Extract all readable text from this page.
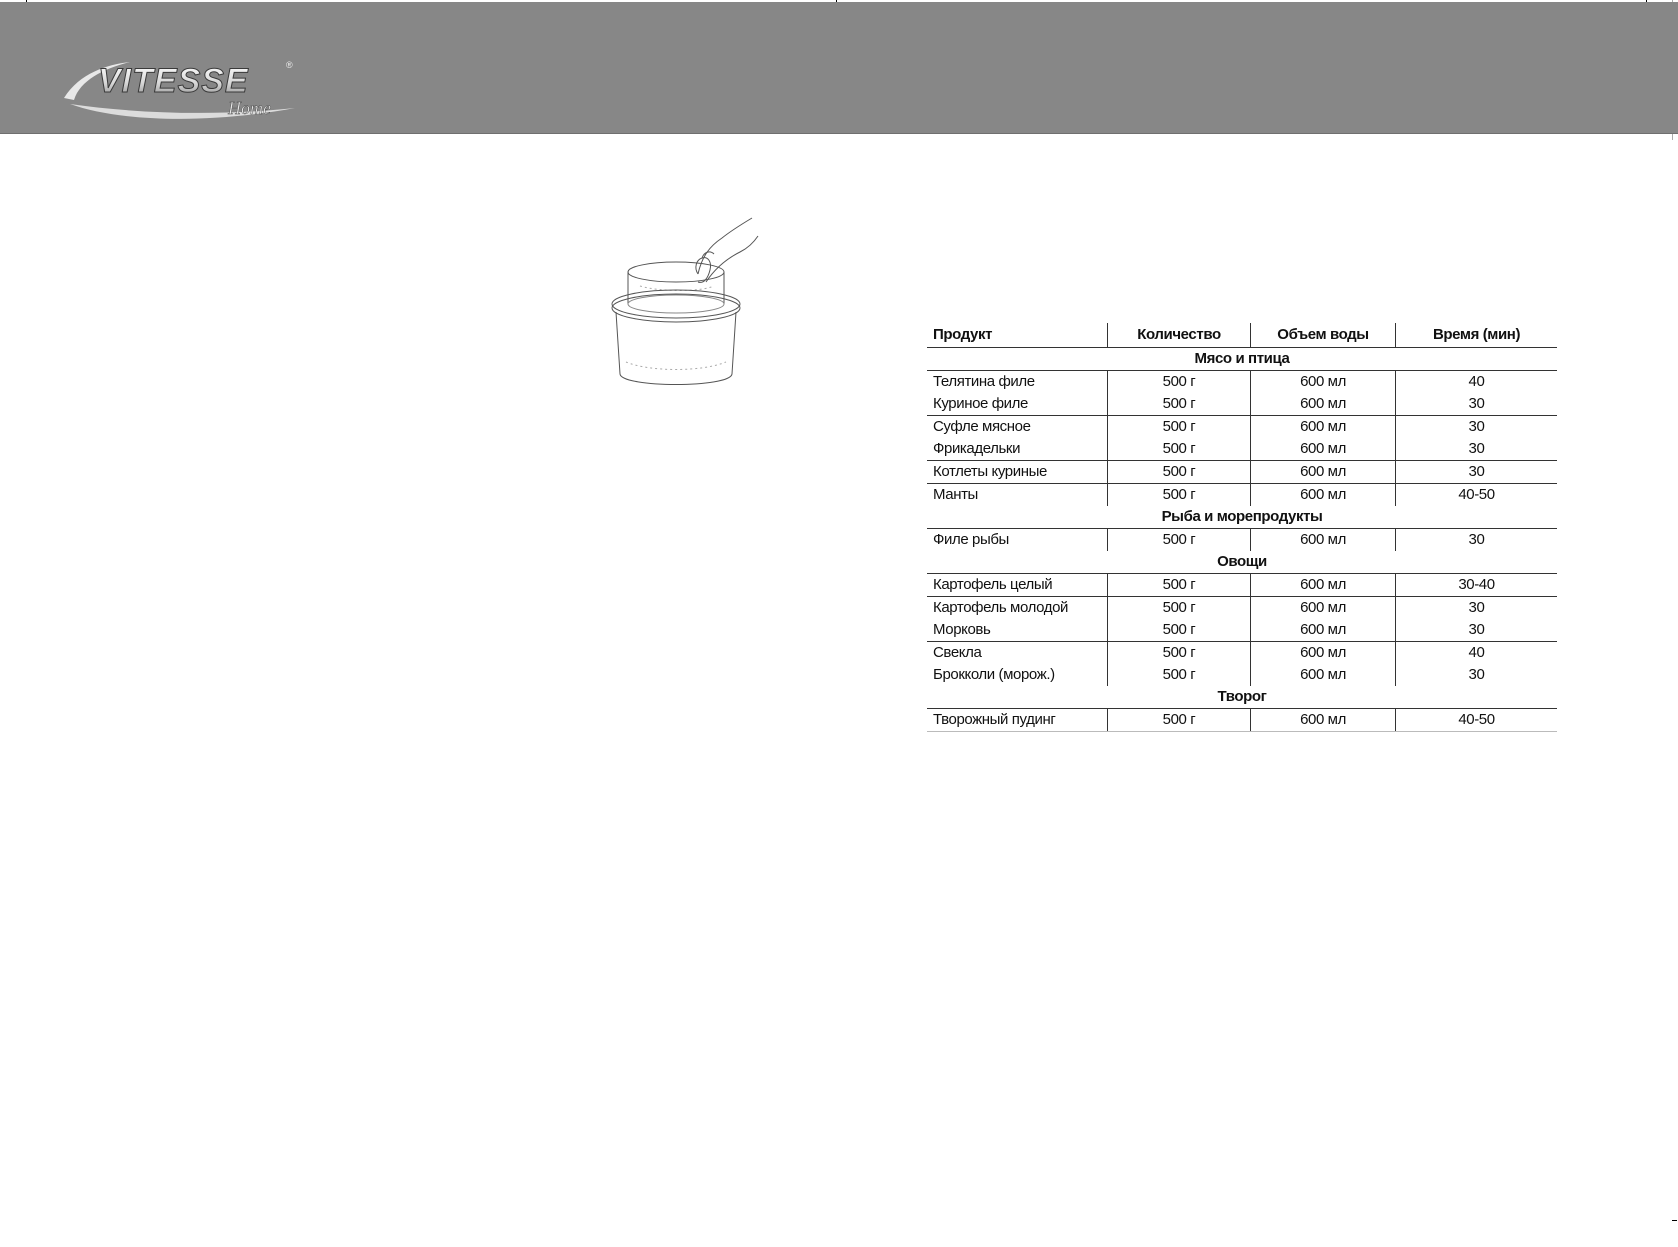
VITESSE	®
Home
Продукт	Количество	Объем воды	Время (мин)
Мясо и птица			
Телятина филе	500 г	600 мл	40
Куриное филе	500 г	600 мл	30
Суфле мясное	500 г	600 мл	30
Фрикадельки	500 г	600 мл	30
Котлеты куриные	500 г	600 мл	30
Манты	500 г	600 мл	40-50
Рыба и морепродукты			
Филе рыбы	500 г	600 мл	30
Овощи			
Картофель целый	500 г	600 мл	30-40
Картофель молодой	500 г	600 мл	30
Морковь	500 г	600 мл	30
Свекла	500 г	600 мл	40
Брокколи (морож.)	500 г	600 мл	30
Творог			
Творожный пудинг	500 г	600 мл	40-50
